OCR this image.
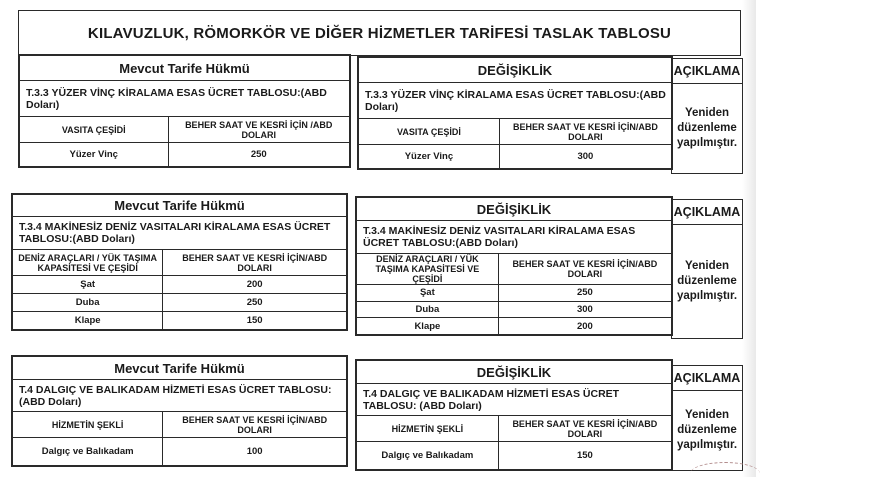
KILAVUZLUK, RÖMORKÖR VE DİĞER HİZMETLER TARİFESİ TASLAK TABLOSU
Mevcut Tarife Hükmü	
T.3.3 YÜZER VİNÇ KİRALAMA ESAS ÜCRET TABLOSU:(ABD Doları)	
VASITA ÇEŞİDİ	BEHER SAAT VE KESRİ İÇİN /ABD DOLARI
Yüzer Vinç	250
DEĞİŞİKLİK	
T.3.3 YÜZER VİNÇ KİRALAMA ESAS ÜCRET TABLOSU:(ABD Doları)	
VASITA ÇEŞİDİ	BEHER SAAT VE KESRİ İÇİN/ABD DOLARI
Yüzer Vinç	300
AÇIKLAMA
Yeniden düzenleme yapılmıştır.
Mevcut Tarife Hükmü	
T.3.4 MAKİNESİZ DENİZ VASITALARI KİRALAMA ESAS ÜCRET TABLOSU:(ABD Doları)	
DENİZ ARAÇLARI / YÜK TAŞIMA KAPASİTESİ VE ÇEŞİDİ	BEHER SAAT VE KESRİ İÇİN/ABD DOLARI
Şat	200
Duba	250
Klape	150
DEĞİŞİKLİK	
T.3.4 MAKİNESİZ DENİZ VASITALARI KİRALAMA ESAS ÜCRET TABLOSU:(ABD Doları)	
DENİZ ARAÇLARI / YÜK TAŞIMA KAPASİTESİ VE ÇEŞİDİ	BEHER SAAT VE KESRİ İÇİN/ABD DOLARI
Şat	250
Duba	300
Klape	200
AÇIKLAMA
Yeniden düzenleme yapılmıştır.
Mevcut Tarife Hükmü	
T.4 DALGIÇ VE BALIKADAM HİZMETİ ESAS ÜCRET TABLOSU:(ABD Doları)	
HİZMETİN ŞEKLİ	BEHER SAAT VE KESRİ İÇİN/ABD DOLARI
Dalgıç ve Balıkadam	100
DEĞİŞİKLİK	
T.4 DALGIÇ VE BALIKADAM HİZMETİ ESAS ÜCRET TABLOSU: (ABD Doları)	
HİZMETİN ŞEKLİ	BEHER SAAT VE KESRİ İÇİN/ABD DOLARI
Dalgıç ve Balıkadam	150
AÇIKLAMA
Yeniden düzenleme yapılmıştır.
